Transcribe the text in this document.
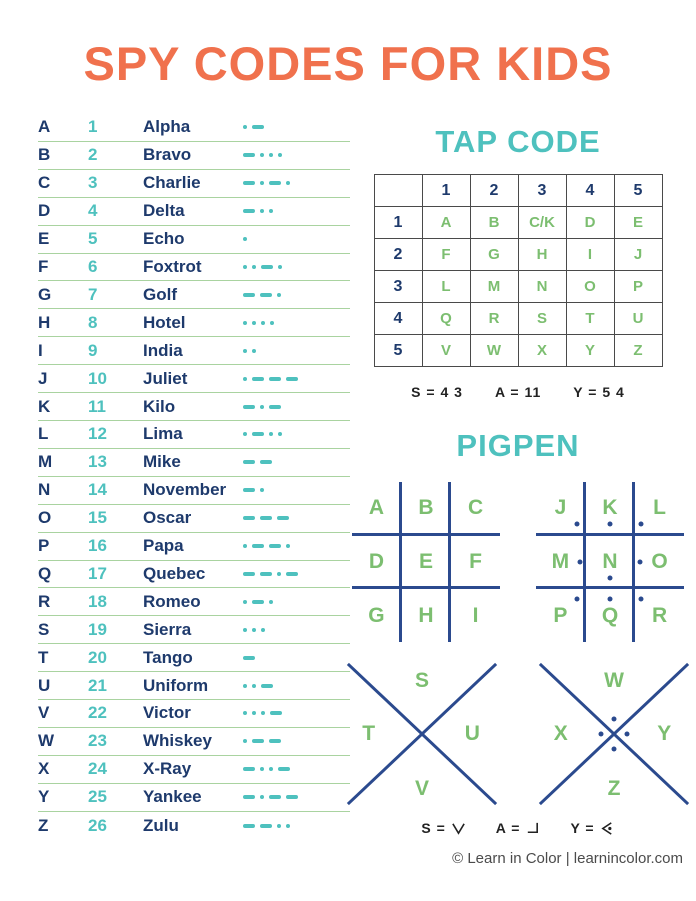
SPY CODES FOR KIDS
A	1	Alpha
B	2	Bravo
C	3	Charlie
D	4	Delta
E	5	Echo
F	6	Foxtrot
G	7	Golf
H	8	Hotel
I	9	India
J	10	Juliet
K	11	Kilo
L	12	Lima
M	13	Mike
N	14	November
O	15	Oscar
P	16	Papa
Q	17	Quebec
R	18	Romeo
S	19	Sierra
T	20	Tango
U	21	Uniform
V	22	Victor
W	23	Whiskey
X	24	X-Ray
Y	25	Yankee
Z	26	Zulu
TAP CODE
	1	2	3	4	5
1	A	B	C/K	D	E
2	F	G	H	I	J
3	L	M	N	O	P
4	Q	R	S	T	U
5	V	W	X	Y	Z
S = 4 3 A = 11 Y = 5 4
PIGPEN
A B C
D E F
G H I
J K L
M N O
P Q R
S
T	U
V
W
X	Y
Z
S =	A =	Y =
© Learn in Color | learnincolor.com
